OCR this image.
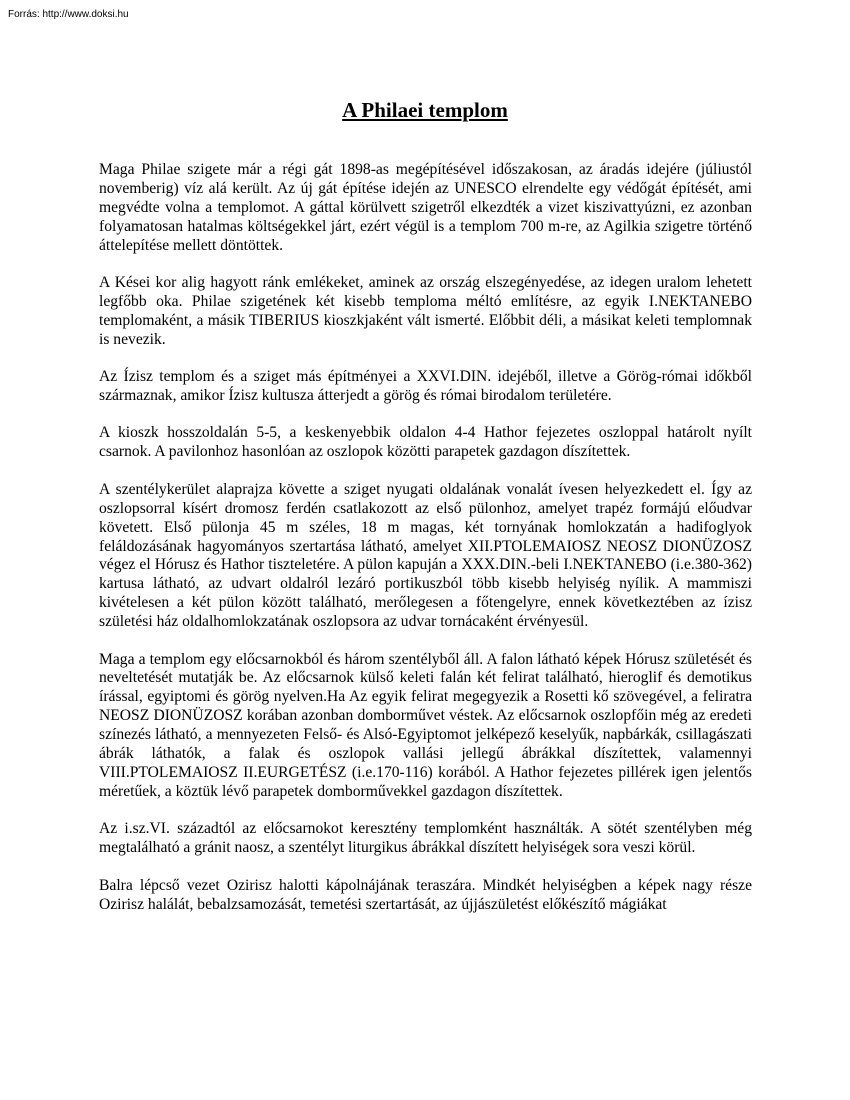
Forrás: http://www.doksi.hu
A Philaei templom

Maga Philae szigete már a régi gát 1898-as megépítésével időszakosan, az áradás idejére (júliustól novemberig) víz alá került. Az új gát építése idején az UNESCO elrendelte egy védőgát építését, ami megvédte volna a templomot. A gáttal körülvett szigetről elkezdték a vizet kiszivattyúzni, ez azonban folyamatosan hatalmas költségekkel járt, ezért végül is a templom 700 m-re, az Agilkia szigetre történő áttelepítése mellett döntöttek.

A Kései kor alig hagyott ránk emlékeket, aminek az ország elszegényedése, az idegen uralom lehetett legfőbb oka. Philae szigetének két kisebb temploma méltó említésre, az egyik I.NEKTANEBO templomaként, a másik TIBERIUS kioszkjaként vált ismerté. Előbbit déli, a másikat keleti templomnak is nevezik.

Az Ízisz templom és a sziget más építményei a XXVI.DIN. idejéből, illetve a Görög-római időkből származnak, amikor Ízisz kultusza átterjedt a görög és római birodalom területére.

A kioszk hosszoldalán 5-5, a keskenyebbik oldalon 4-4 Hathor fejezetes oszloppal határolt nyílt csarnok. A pavilonhoz hasonlóan az oszlopok közötti parapetek gazdagon díszítettek.

A szentélykerület alaprajza követte a sziget nyugati oldalának vonalát ívesen helyezkedett el. Így az oszlopsorral kísért dromosz ferdén csatlakozott az első pülonhoz, amelyet trapéz formájú előudvar követett. Első pülonja 45 m széles, 18 m magas, két tornyának homlokzatán a hadifoglyok feláldozásának hagyományos szertartása látható, amelyet XII.PTOLEMAIOSZ NEOSZ DIONÜZOSZ végez el Hórusz és Hathor tiszteletére. A pülon kapuján a XXX.DIN.-beli I.NEKTANEBO (i.e.380-362) kartusa látható, az udvart oldalról lezáró portikuszból több kisebb helyiség nyílik. A mammiszi kivételesen a két pülon között található, merőlegesen a főtengelyre, ennek következtében az ízisz születési ház oldalhomlokzatának oszlopsora az udvar tornácaként érvényesül.

Maga a templom egy előcsarnokból és három szentélyből áll. A falon látható képek Hórusz születését és neveltetését mutatják be. Az előcsarnok külső keleti falán két felirat található, hieroglif és demotikus írással, egyiptomi és görög nyelven.Ha Az egyik felirat megegyezik a Rosetti kő szövegével, a feliratra NEOSZ DIONÜZOSZ korában azonban domborművet véstek. Az előcsarnok oszlopfőin még az eredeti színezés látható, a mennyezeten Felső- és Alsó-Egyiptomot jelképező keselyűk, napbárkák, csillagászati ábrák láthatók, a falak és oszlopok vallási jellegű ábrákkal díszítettek, valamennyi VIII.PTOLEMAIOSZ II.EURGETÉSZ (i.e.170-116) korából. A Hathor fejezetes pillérek igen jelentős méretűek, a köztük lévő parapetek domborművekkel gazdagon díszítettek.

Az i.sz.VI. századtól az előcsarnokot keresztény templomként használták. A sötét szentélyben még megtalálható a gránit naosz, a szentélyt liturgikus ábrákkal díszített helyiségek sora veszi körül.

Balra lépcső vezet Ozirisz halotti kápolnájának teraszára. Mindkét helyiségben a képek nagy része Ozirisz halálát, bebalzsamozását, temetési szertartását, az újjászületést előkészítő mágiákat
